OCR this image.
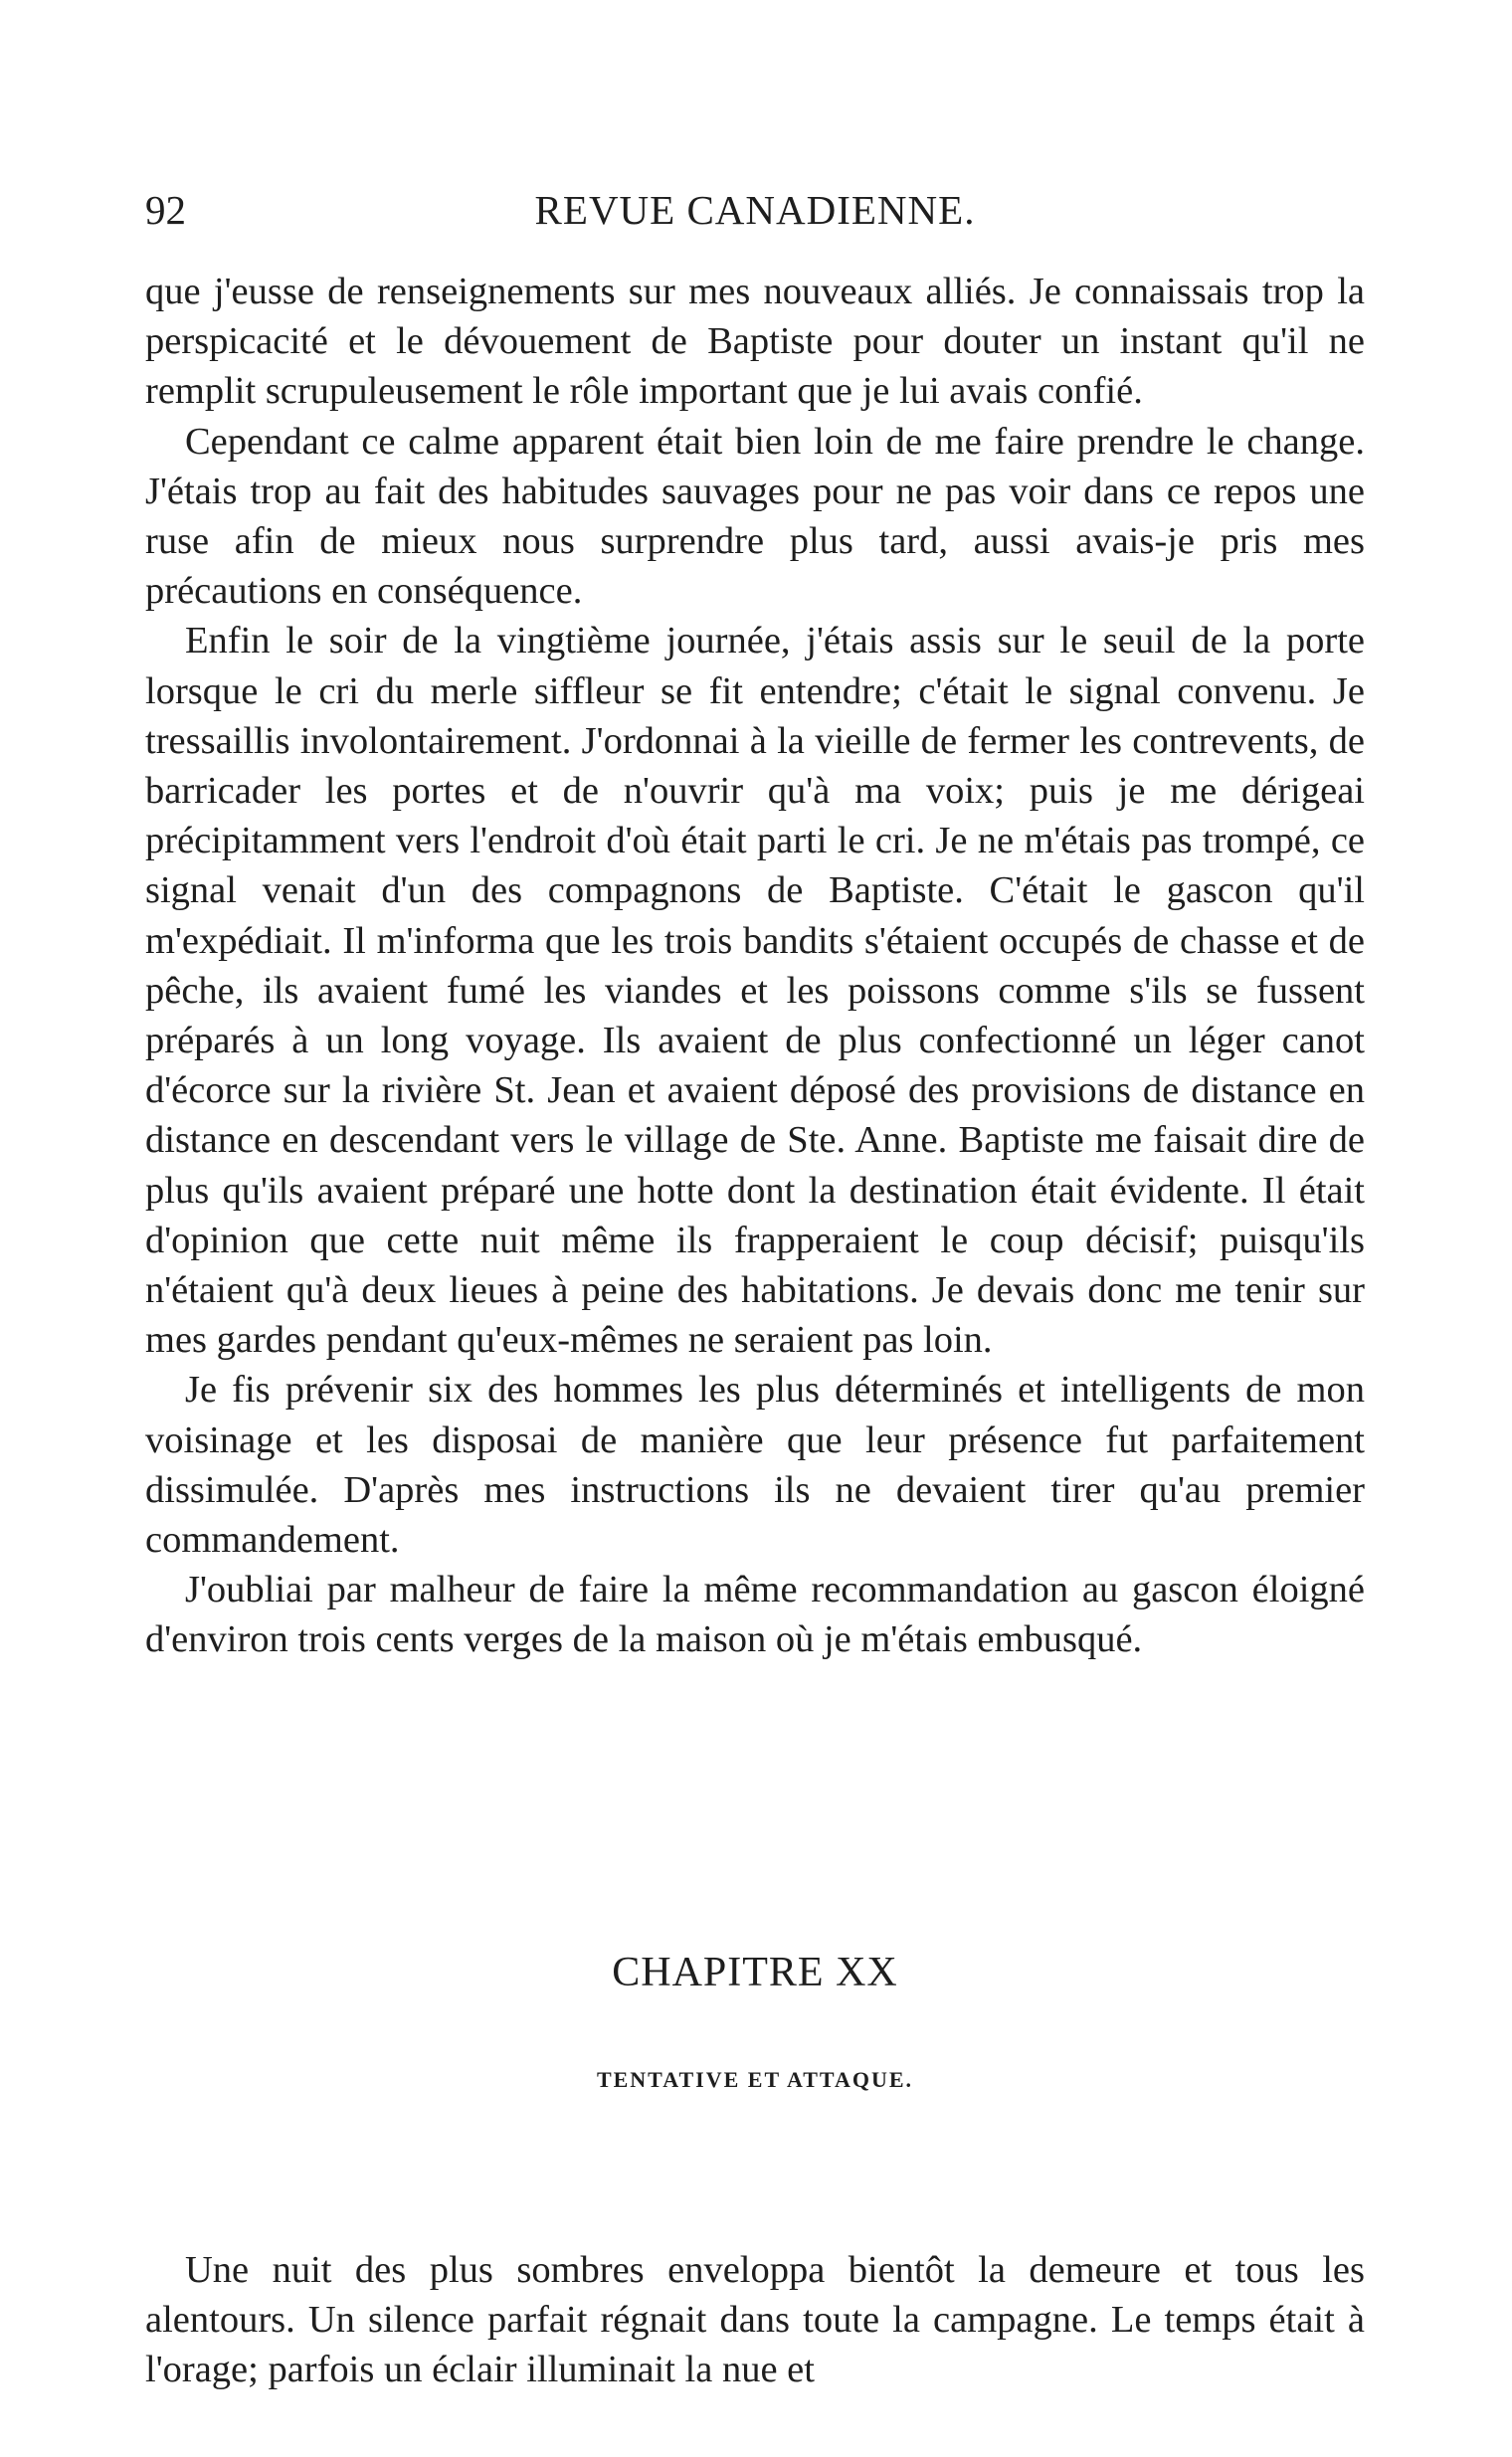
92	REVUE CANADIENNE.

que j'eusse de renseignements sur mes nouveaux alliés. Je connaissais trop la perspicacité et le dévouement de Baptiste pour douter un instant qu'il ne remplit scrupuleusement le rôle important que je lui avais confié.

Cependant ce calme apparent était bien loin de me faire prendre le change. J'étais trop au fait des habitudes sauvages pour ne pas voir dans ce repos une ruse afin de mieux nous surprendre plus tard, aussi avais-je pris mes précautions en conséquence.

Enfin le soir de la vingtième journée, j'étais assis sur le seuil de la porte lorsque le cri du merle siffleur se fit entendre; c'était le signal convenu. Je tressaillis involontairement. J'ordonnai à la vieille de fermer les contrevents, de barricader les portes et de n'ouvrir qu'à ma voix; puis je me dérigeai précipitamment vers l'endroit d'où était parti le cri. Je ne m'étais pas trompé, ce signal venait d'un des compagnons de Baptiste. C'était le gascon qu'il m'expédiait. Il m'informa que les trois bandits s'étaient occupés de chasse et de pêche, ils avaient fumé les viandes et les poissons comme s'ils se fussent préparés à un long voyage. Ils avaient de plus confectionné un léger canot d'écorce sur la rivière St. Jean et avaient déposé des provisions de distance en distance en descendant vers le village de Ste. Anne. Baptiste me faisait dire de plus qu'ils avaient préparé une hotte dont la destination était évidente. Il était d'opinion que cette nuit même ils frapperaient le coup décisif; puisqu'ils n'étaient qu'à deux lieues à peine des habitations. Je devais donc me tenir sur mes gardes pendant qu'eux-mêmes ne seraient pas loin.

Je fis prévenir six des hommes les plus déterminés et intelligents de mon voisinage et les disposai de manière que leur présence fut parfaitement dissimulée. D'après mes instructions ils ne devaient tirer qu'au premier commandement.

J'oubliai par malheur de faire la même recommandation au gascon éloigné d'environ trois cents verges de la maison où je m'étais embusqué.

CHAPITRE XX
TENTATIVE ET ATTAQUE.

Une nuit des plus sombres enveloppa bientôt la demeure et tous les alentours. Un silence parfait régnait dans toute la campagne. Le temps était à l'orage; parfois un éclair illuminait la nue et
